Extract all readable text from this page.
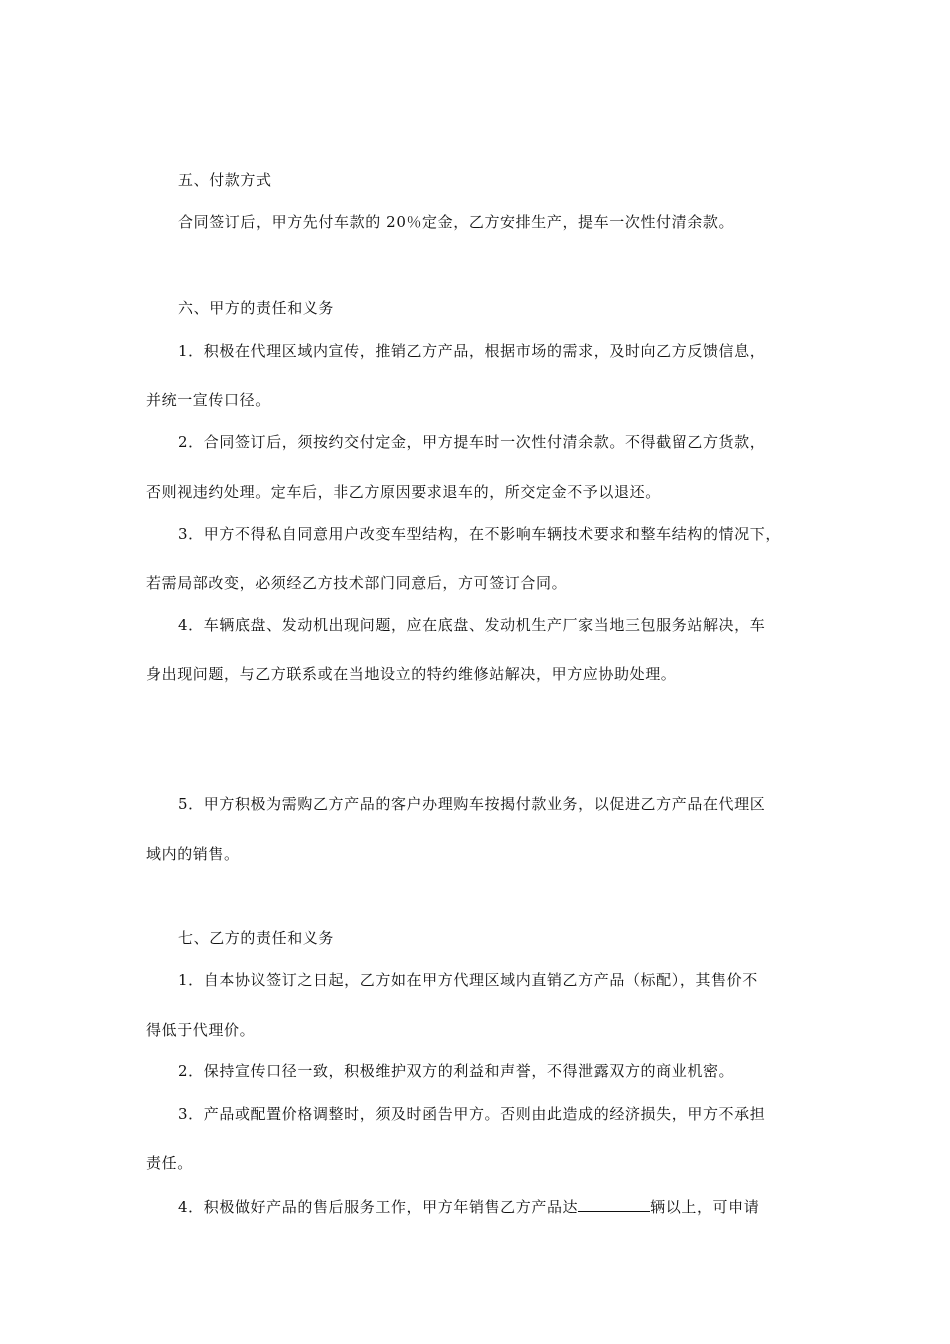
五、付款方式
合同签订后，甲方先付车款的 20％定金，乙方安排生产，提车一次性付清余款。
六、甲方的责任和义务
1．积极在代理区域内宣传，推销乙方产品，根据市场的需求，及时向乙方反馈信息，
并统一宣传口径。
2．合同签订后，须按约交付定金，甲方提车时一次性付清余款。不得截留乙方货款，
否则视违约处理。定车后，非乙方原因要求退车的，所交定金不予以退还。
3．甲方不得私自同意用户改变车型结构，在不影响车辆技术要求和整车结构的情况下，
若需局部改变，必须经乙方技术部门同意后，方可签订合同。
4．车辆底盘、发动机出现问题，应在底盘、发动机生产厂家当地三包服务站解决，车
身出现问题，与乙方联系或在当地设立的特约维修站解决，甲方应协助处理。
5．甲方积极为需购乙方产品的客户办理购车按揭付款业务，以促进乙方产品在代理区
域内的销售。
七、乙方的责任和义务
1．自本协议签订之日起，乙方如在甲方代理区域内直销乙方产品（标配），其售价不
得低于代理价。
2．保持宣传口径一致，积极维护双方的利益和声誉，不得泄露双方的商业机密。
3．产品或配置价格调整时，须及时函告甲方。否则由此造成的经济损失，甲方不承担
责任。
4．积极做好产品的售后服务工作，甲方年销售乙方产品达	辆以上，可申请
